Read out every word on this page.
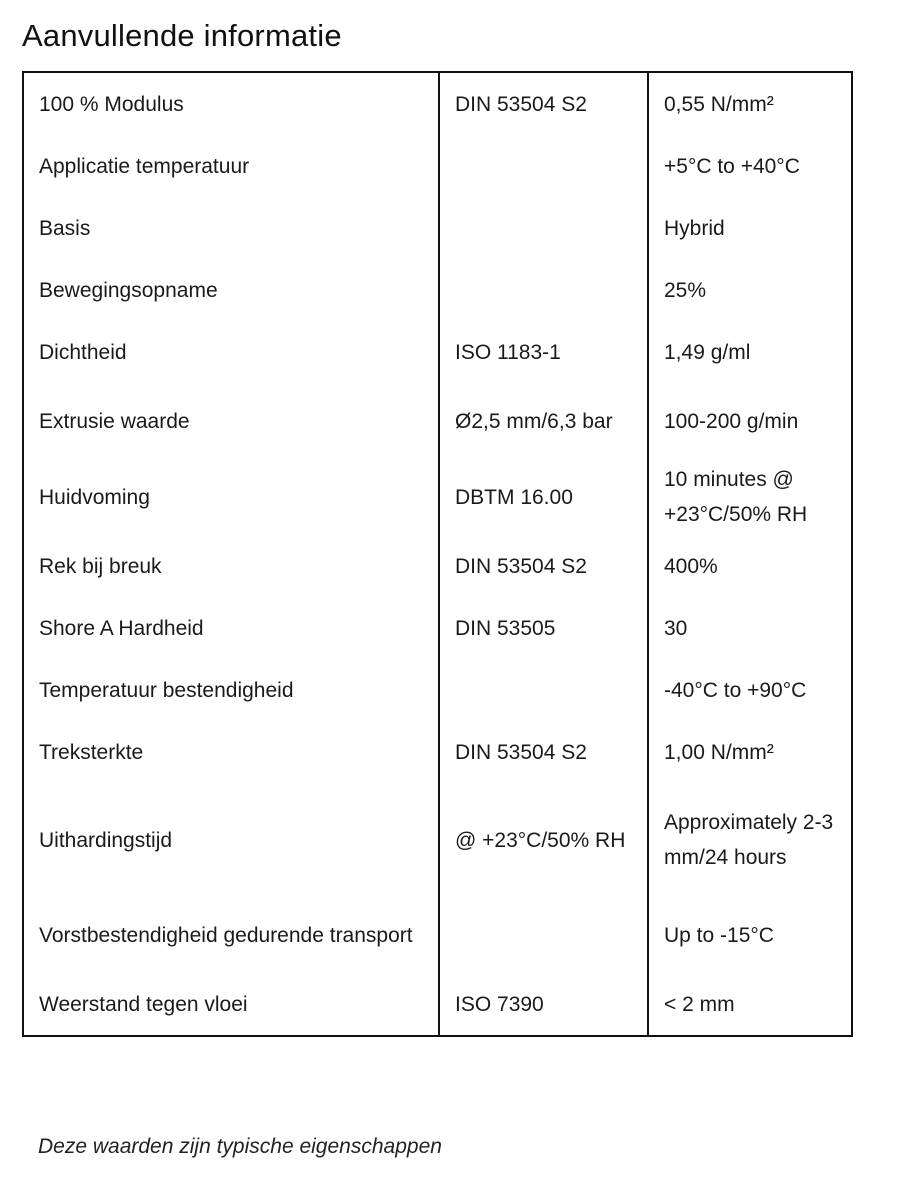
Aanvullende informatie
100 % Modulus	DIN 53504 S2	0,55 N/mm²
Applicatie temperatuur		+5°C to +40°C
Basis		Hybrid
Bewegingsopname		25%
Dichtheid	ISO 1183-1	1,49 g/ml
Extrusie waarde	Ø2,5 mm/6,3 bar	100-200 g/min
Huidvoming	DBTM 16.00	10 minutes @ +23°C/50% RH
Rek bij breuk	DIN 53504 S2	400%
Shore A Hardheid	DIN 53505	30
Temperatuur bestendigheid		-40°C to +90°C
Treksterkte	DIN 53504 S2	1,00 N/mm²
Uithardingstijd	@ +23°C/50% RH	Approximately 2-3 mm/24 hours
Vorstbestendigheid gedurende transport		Up to -15°C
Weerstand tegen vloei	ISO 7390	< 2 mm
Deze waarden zijn typische eigenschappen
